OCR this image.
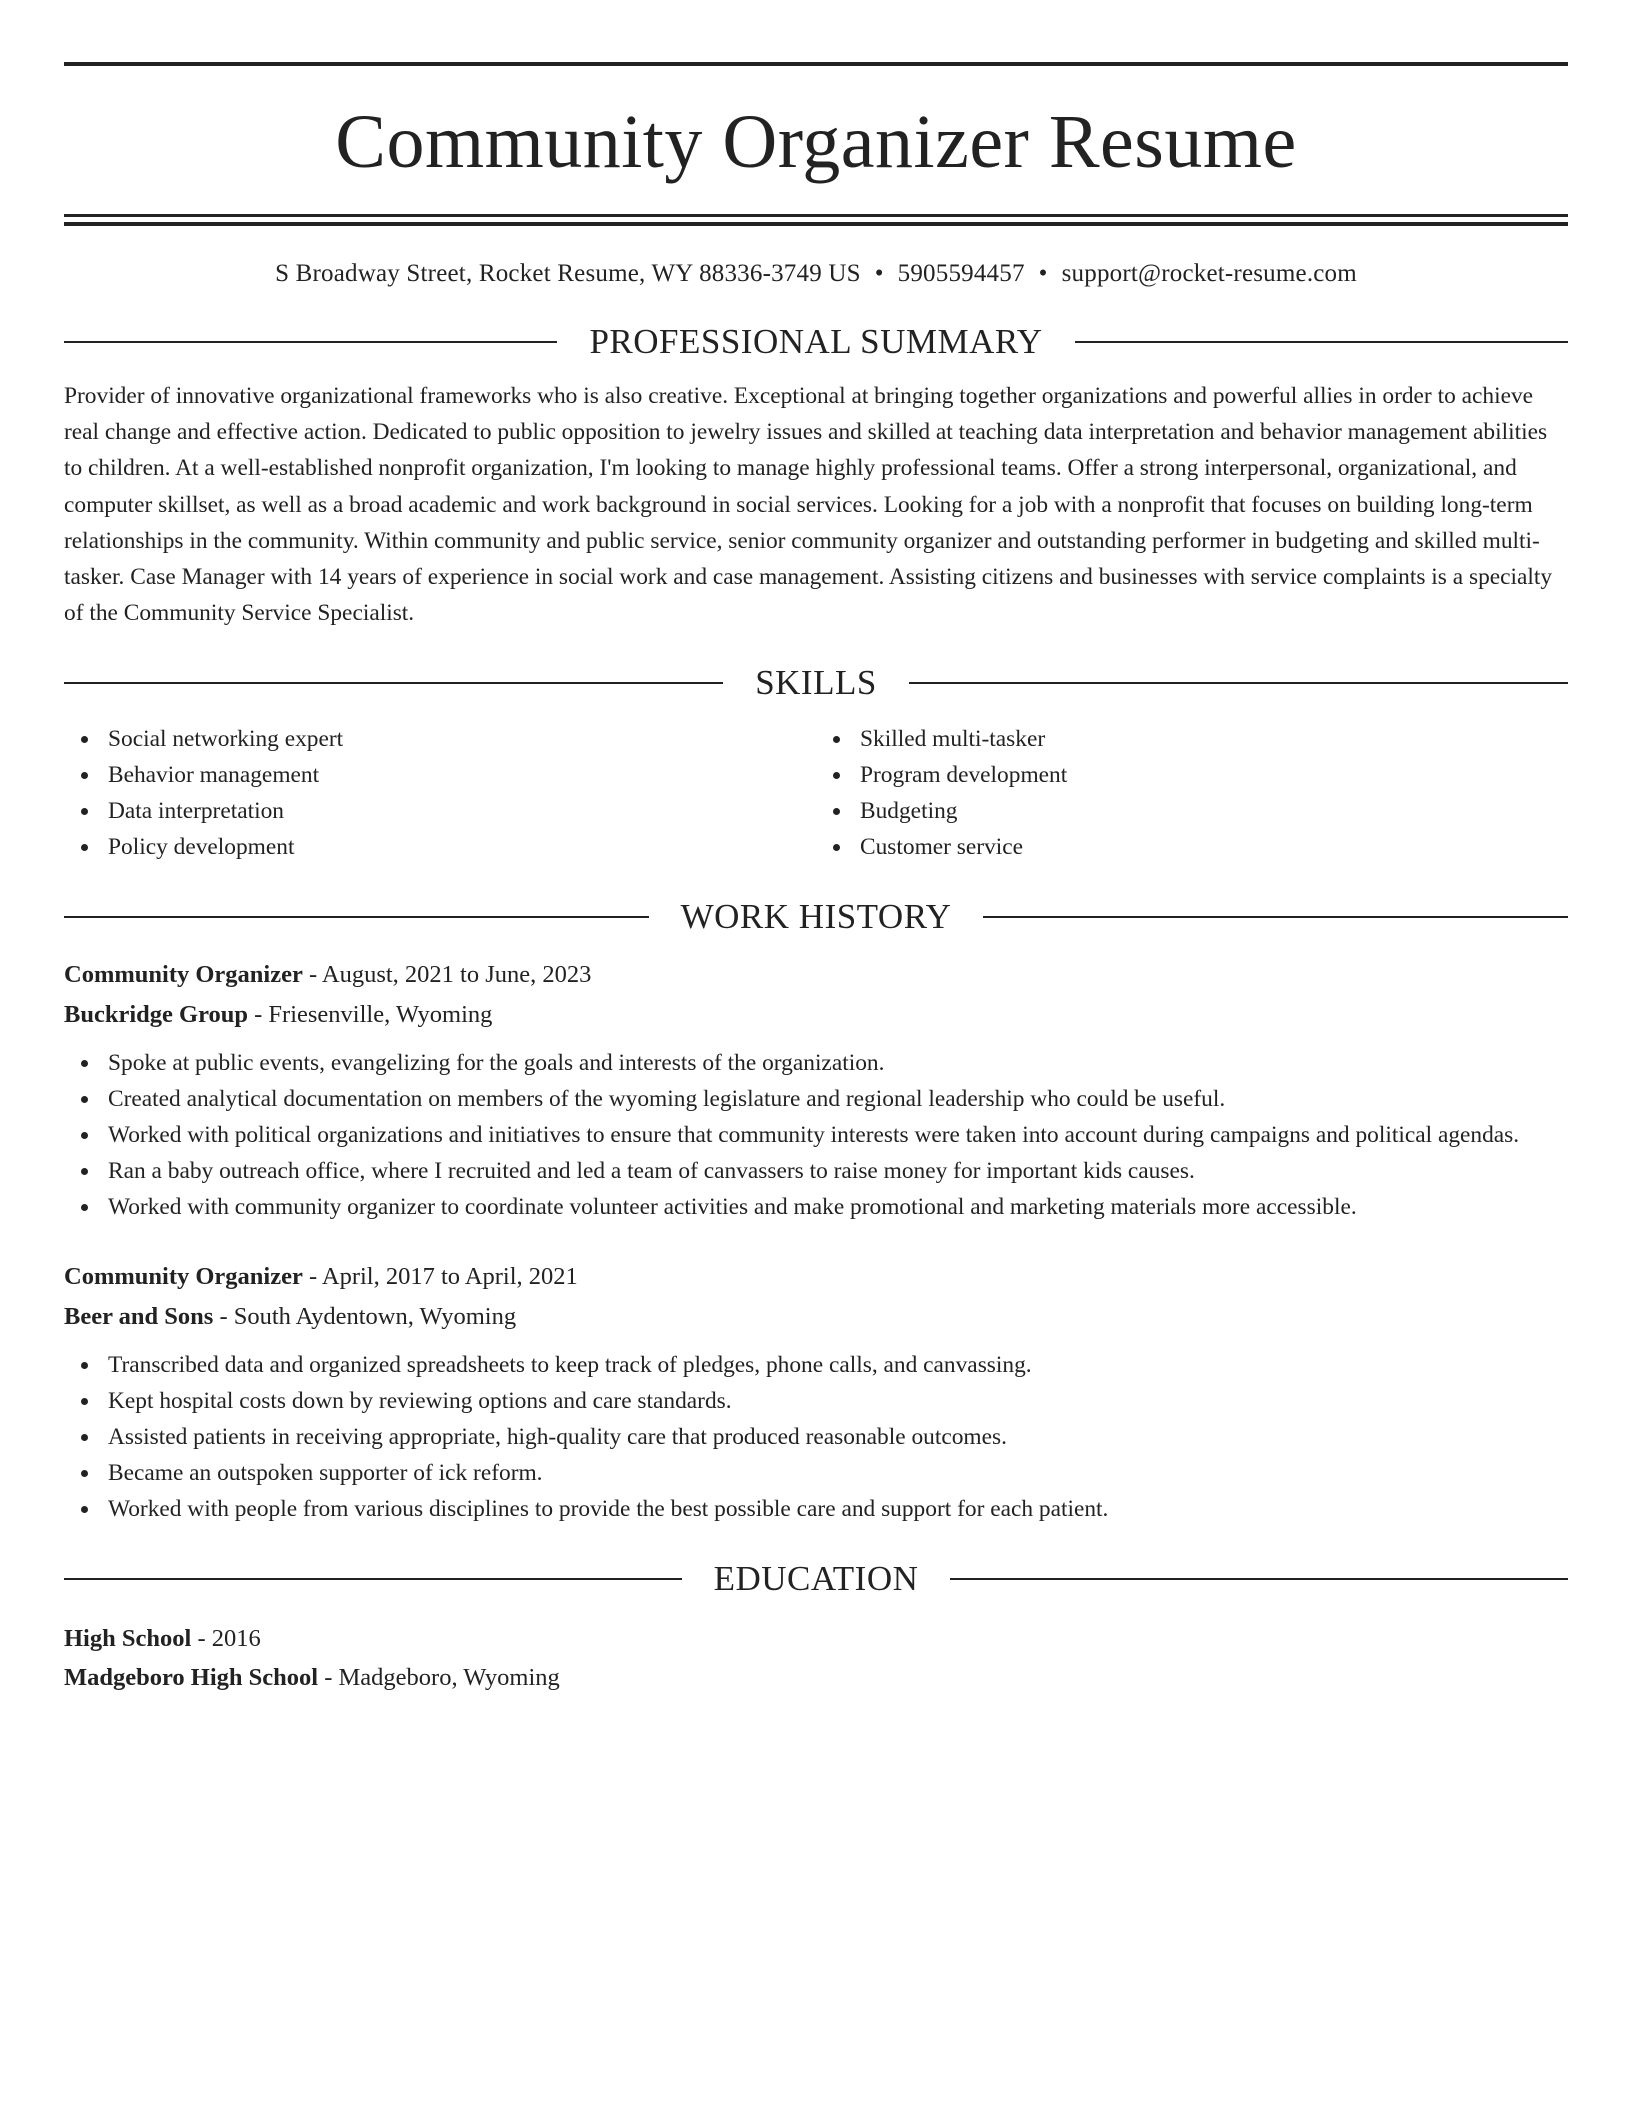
Community Organizer Resume
S Broadway Street, Rocket Resume, WY 88336-3749 US • 5905594457 • support@rocket-resume.com
PROFESSIONAL SUMMARY
Provider of innovative organizational frameworks who is also creative. Exceptional at bringing together organizations and powerful allies in order to achieve real change and effective action. Dedicated to public opposition to jewelry issues and skilled at teaching data interpretation and behavior management abilities to children. At a well-established nonprofit organization, I'm looking to manage highly professional teams. Offer a strong interpersonal, organizational, and computer skillset, as well as a broad academic and work background in social services. Looking for a job with a nonprofit that focuses on building long-term relationships in the community. Within community and public service, senior community organizer and outstanding performer in budgeting and skilled multi-tasker. Case Manager with 14 years of experience in social work and case management. Assisting citizens and businesses with service complaints is a specialty of the Community Service Specialist.
SKILLS
Social networking expert
Behavior management
Data interpretation
Policy development
Skilled multi-tasker
Program development
Budgeting
Customer service
WORK HISTORY
Community Organizer - August, 2021 to June, 2023
Buckridge Group - Friesenville, Wyoming
Spoke at public events, evangelizing for the goals and interests of the organization.
Created analytical documentation on members of the wyoming legislature and regional leadership who could be useful.
Worked with political organizations and initiatives to ensure that community interests were taken into account during campaigns and political agendas.
Ran a baby outreach office, where I recruited and led a team of canvassers to raise money for important kids causes.
Worked with community organizer to coordinate volunteer activities and make promotional and marketing materials more accessible.
Community Organizer - April, 2017 to April, 2021
Beer and Sons - South Aydentown, Wyoming
Transcribed data and organized spreadsheets to keep track of pledges, phone calls, and canvassing.
Kept hospital costs down by reviewing options and care standards.
Assisted patients in receiving appropriate, high-quality care that produced reasonable outcomes.
Became an outspoken supporter of ick reform.
Worked with people from various disciplines to provide the best possible care and support for each patient.
EDUCATION
High School - 2016
Madgeboro High School - Madgeboro, Wyoming
